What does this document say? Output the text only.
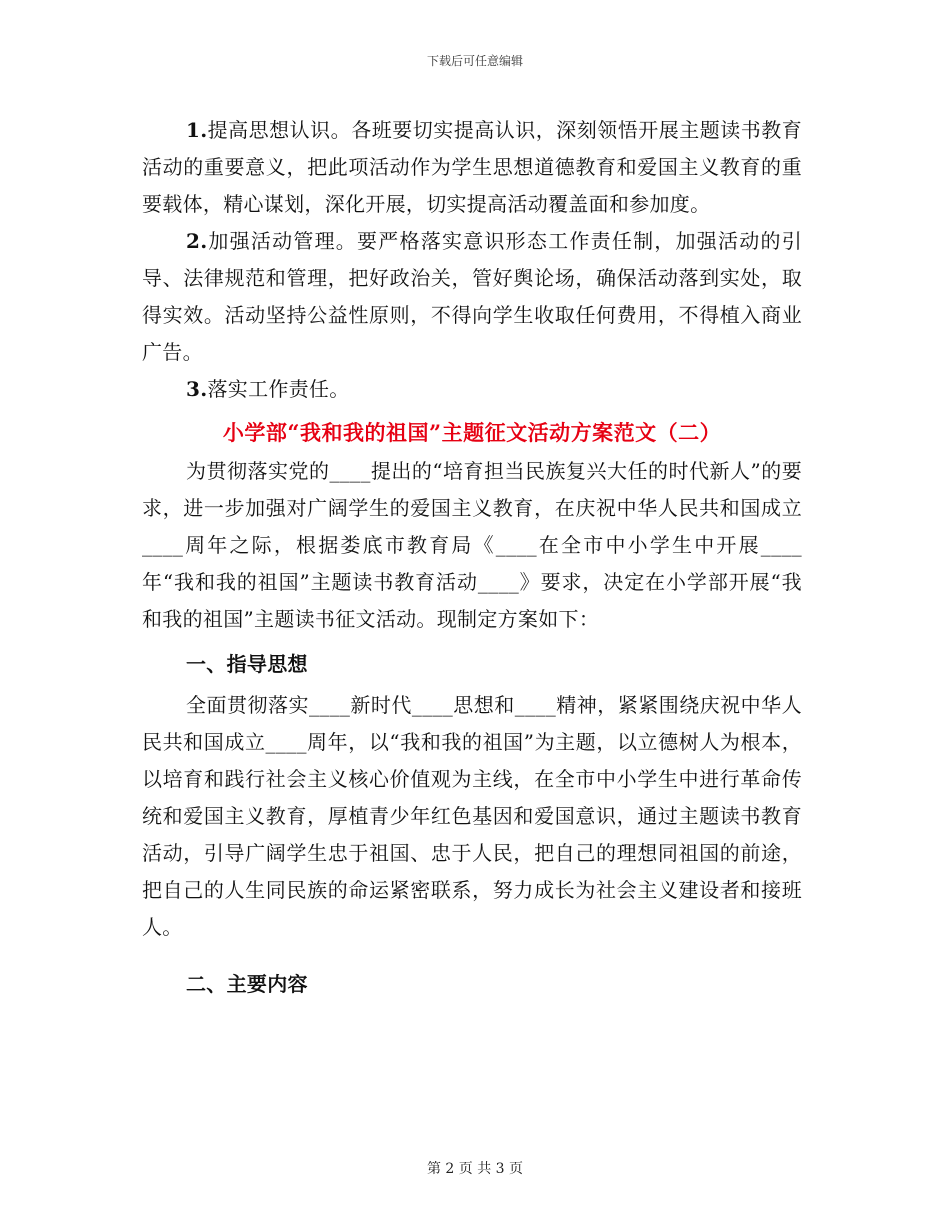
下载后可任意编辑

1.提高思想认识。各班要切实提高认识，深刻领悟开展主题读书教育活动的重要意义，把此项活动作为学生思想道德教育和爱国主义教育的重要载体，精心谋划，深化开展，切实提高活动覆盖面和参加度。

2.加强活动管理。要严格落实意识形态工作责任制，加强活动的引导、法律规范和管理，把好政治关，管好舆论场，确保活动落到实处，取得实效。活动坚持公益性原则，不得向学生收取任何费用，不得植入商业广告。

3.落实工作责任。

小学部“我和我的祖国”主题征文活动方案范文（二）

为贯彻落实党的____提出的“培育担当民族复兴大任的时代新人”的要求，进一步加强对广阔学生的爱国主义教育，在庆祝中华人民共和国成立____周年之际，根据娄底市教育局《____在全市中小学生中开展____年“我和我的祖国”主题读书教育活动____》要求，决定在小学部开展“我和我的祖国”主题读书征文活动。现制定方案如下：

一、指导思想

全面贯彻落实____新时代____思想和____精神，紧紧围绕庆祝中华人民共和国成立____周年，以“我和我的祖国”为主题，以立德树人为根本，以培育和践行社会主义核心价值观为主线，在全市中小学生中进行革命传统和爱国主义教育，厚植青少年红色基因和爱国意识，通过主题读书教育活动，引导广阔学生忠于祖国、忠于人民，把自己的理想同祖国的前途，把自己的人生同民族的命运紧密联系，努力成长为社会主义建设者和接班人。

二、主要内容
第 2 页 共 3 页
